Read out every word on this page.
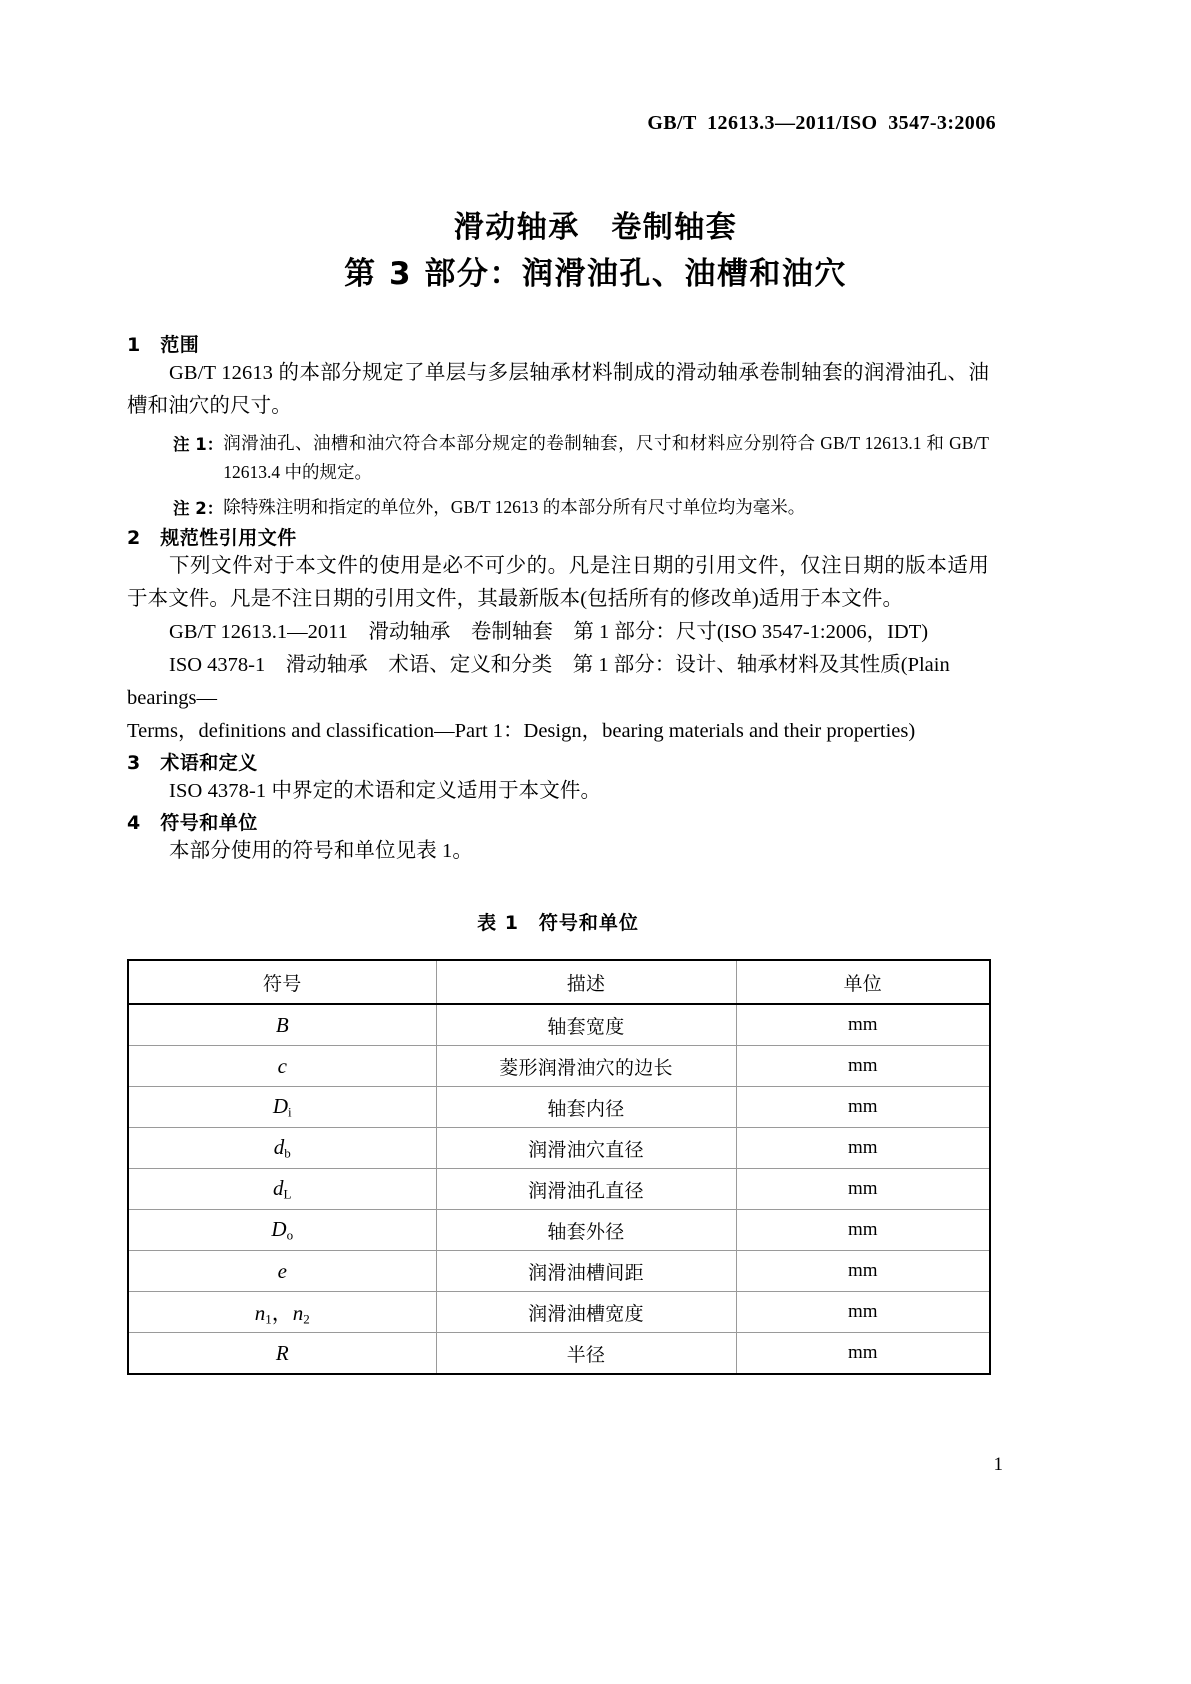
GB/T  12613.3—2011/ISO  3547-3:2006
滑动轴承　卷制轴套
第 3 部分：润滑油孔、油槽和油穴
1　范围

GB/T 12613 的本部分规定了单层与多层轴承材料制成的滑动轴承卷制轴套的润滑油孔、油槽和油穴的尺寸。

注 1： 润滑油孔、油槽和油穴符合本部分规定的卷制轴套，尺寸和材料应分别符合 GB/T 12613.1 和 GB/T 12613.4 中的规定。
注 2： 除特殊注明和指定的单位外，GB/T 12613 的本部分所有尺寸单位均为毫米。
2　规范性引用文件

下列文件对于本文件的使用是必不可少的。凡是注日期的引用文件，仅注日期的版本适用于本文件。凡是不注日期的引用文件，其最新版本(包括所有的修改单)适用于本文件。

GB/T 12613.1—2011　滑动轴承　卷制轴套　第 1 部分：尺寸(ISO 3547-1:2006，IDT)

ISO 4378-1　滑动轴承　术语、定义和分类　第 1 部分：设计、轴承材料及其性质(Plain bearings—

Terms，definitions and classification—Part 1：Design，bearing materials and their properties)

3　术语和定义

ISO 4378-1 中界定的术语和定义适用于本文件。

4　符号和单位

本部分使用的符号和单位见表 1。

表 1　符号和单位
符号	描述	单位
B	轴套宽度	mm
c	菱形润滑油穴的边长	mm
$D_i$	轴套内径	mm
$d_b$	润滑油穴直径	mm
$d_L$	润滑油孔直径	mm
$D_o$	轴套外径	mm
e	润滑油槽间距	mm
$n_1$，$n_2$	润滑油槽宽度	mm
R	半径	mm
1
